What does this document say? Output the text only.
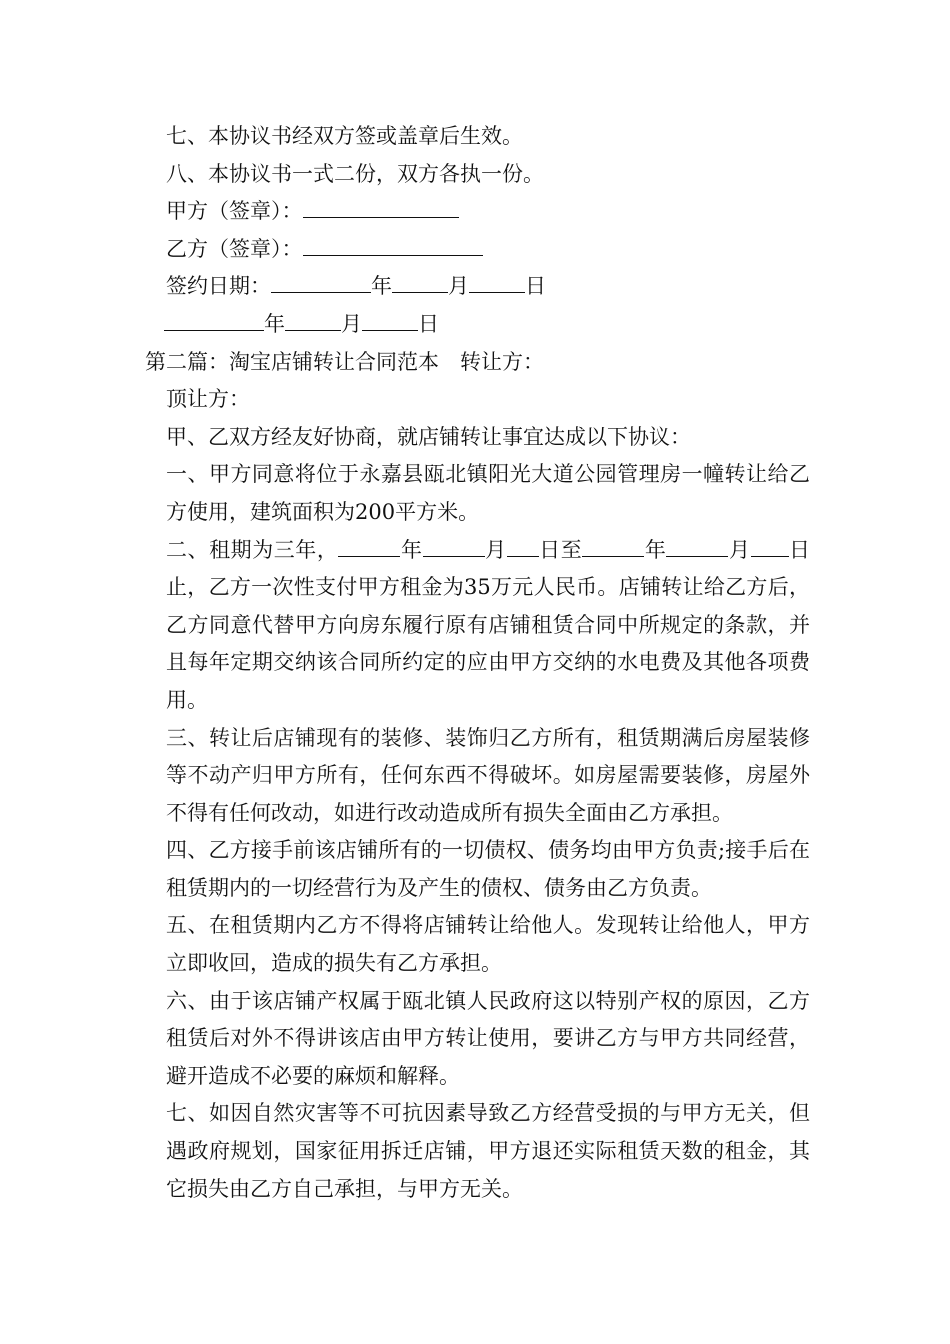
七、本协议书经双方签或盖章后生效。
八、本协议书一式二份，双方各执一份。
甲方（签章）：
乙方（签章）：
签约日期：	年	月	日
年	月	日
第二篇：淘宝店铺转让合同范本　转让方：
顶让方：
甲、乙双方经友好协商，就店铺转让事宜达成以下协议：

一、甲方同意将位于永嘉县瓯北镇阳光大道公园管理房一幢转让给乙方使用，建筑面积为200平方米。

二、租期为三年，	年	月 日至	年	月 日止，乙方一次性支付甲方租金为35万元人民币。店铺转让给乙方后，乙方同意代替甲方向房东履行原有店铺租赁合同中所规定的条款，并且每年定期交纳该合同所约定的应由甲方交纳的水电费及其他各项费用。

三、转让后店铺现有的装修、装饰归乙方所有，租赁期满后房屋装修等不动产归甲方所有，任何东西不得破坏。如房屋需要装修，房屋外不得有任何改动，如进行改动造成所有损失全面由乙方承担。

四、乙方接手前该店铺所有的一切债权、债务均由甲方负责;接手后在租赁期内的一切经营行为及产生的债权、债务由乙方负责。

五、在租赁期内乙方不得将店铺转让给他人。发现转让给他人，甲方立即收回，造成的损失有乙方承担。

六、由于该店铺产权属于瓯北镇人民政府这以特别产权的原因，乙方租赁后对外不得讲该店由甲方转让使用，要讲乙方与甲方共同经营，避开造成不必要的麻烦和解释。

七、如因自然灾害等不可抗因素导致乙方经营受损的与甲方无关，但遇政府规划，国家征用拆迁店铺，甲方退还实际租赁天数的租金，其它损失由乙方自己承担，与甲方无关。
